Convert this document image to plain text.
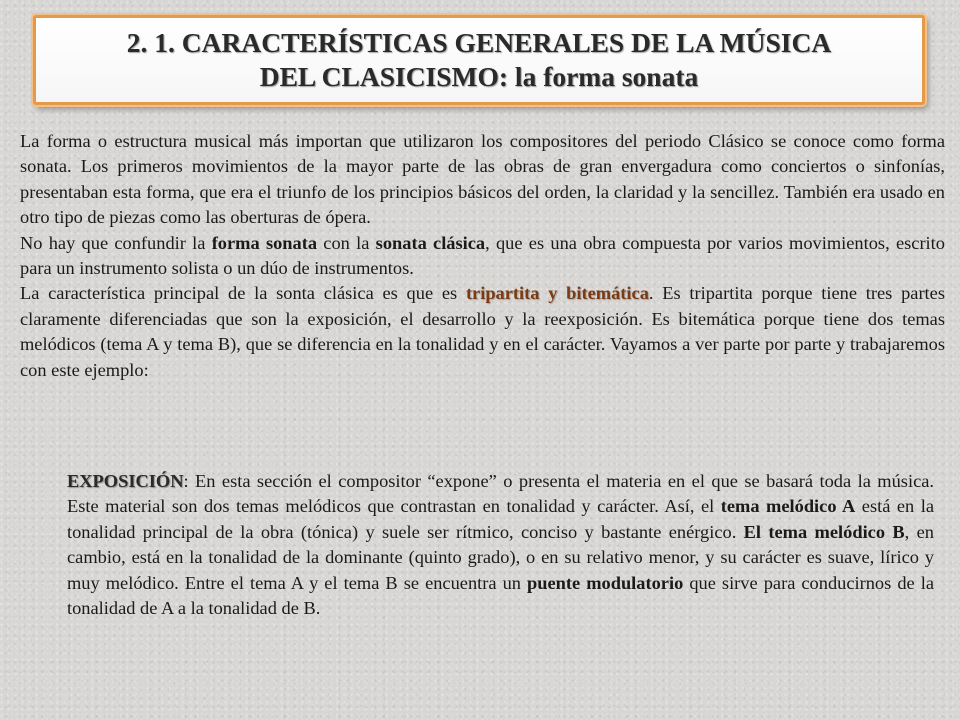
2. 1. CARACTERÍSTICAS GENERALES DE LA MÚSICA
DEL CLASICISMO: la forma sonata

La forma o estructura musical más importan que utilizaron los compositores del periodo Clásico se conoce como forma sonata. Los primeros movimientos de la mayor parte de las obras de gran envergadura como conciertos o sinfonías, presentaban esta forma, que era el triunfo de los principios básicos del orden, la claridad y la sencillez. También era usado en otro tipo de piezas como las oberturas de ópera.

No hay que confundir la forma sonata con la sonata clásica, que es una obra compuesta por varios movimientos, escrito para un instrumento solista o un dúo de instrumentos.

La característica principal de la sonta clásica es que es tripartita y bitemática. Es tripartita porque tiene tres partes claramente diferenciadas que son la exposición, el desarrollo y la reexposición. Es bitemática porque tiene dos temas melódicos (tema A y tema B), que se diferencia en la tonalidad y en el carácter. Vayamos a ver parte por parte y trabajaremos con este ejemplo:

EXPOSICIÓN: En esta sección el compositor “expone” o presenta el materia en el que se basará toda la música. Este material son dos temas melódicos que contrastan en tonalidad y carácter. Así, el tema melódico A está en la tonalidad principal de la obra (tónica) y suele ser rítmico, conciso y bastante enérgico. El tema melódico B, en cambio, está en la tonalidad de la dominante (quinto grado), o en su relativo menor, y su carácter es suave, lírico y muy melódico. Entre el tema A y el tema B se encuentra un puente modulatorio que sirve para conducirnos de la tonalidad de A a la tonalidad de B.
